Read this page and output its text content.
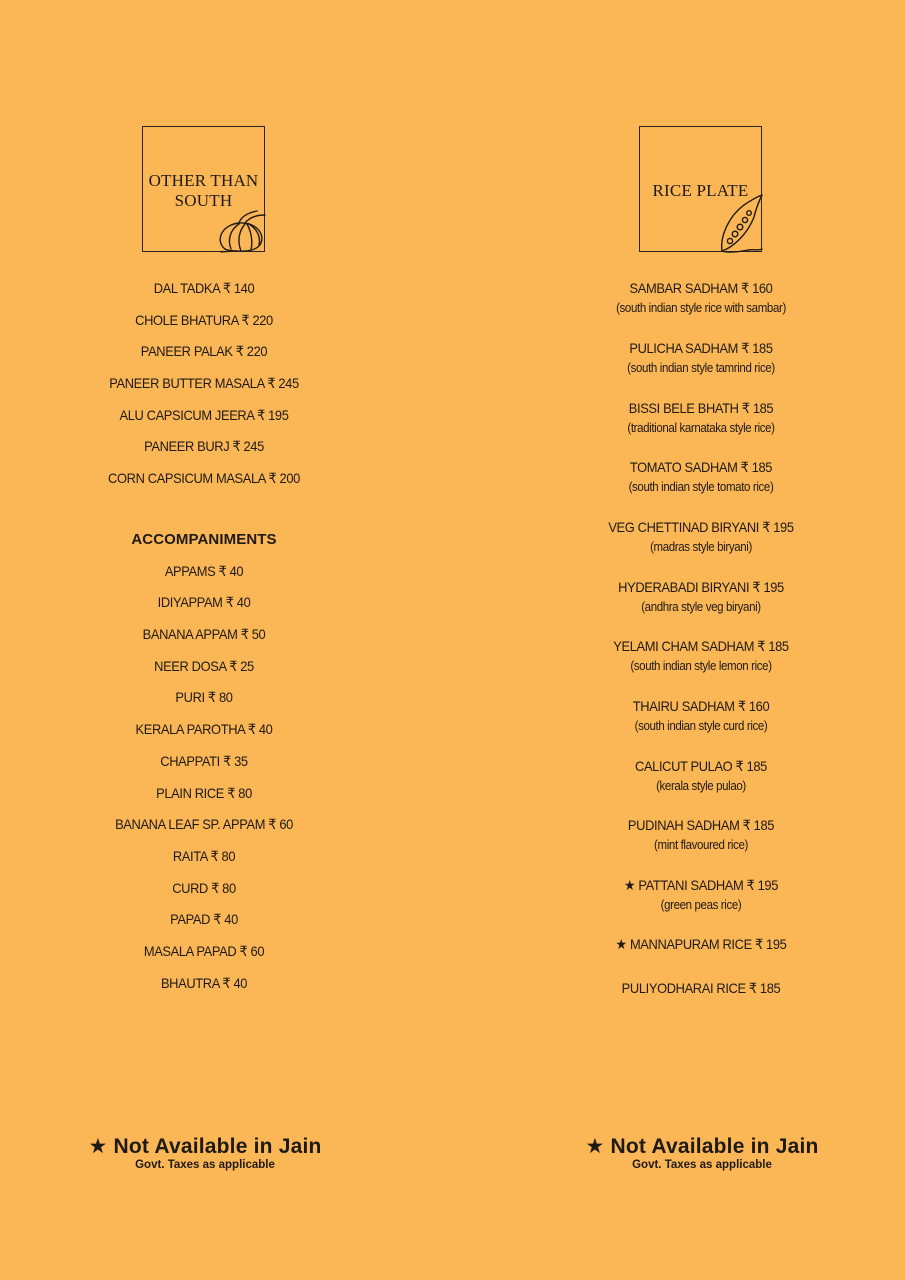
OTHER THAN
SOUTH
RICE PLATE
DAL TADKA ₹ 140
CHOLE BHATURA ₹ 220
PANEER PALAK ₹ 220
PANEER BUTTER MASALA ₹ 245
ALU CAPSICUM JEERA ₹ 195
PANEER BURJ ₹ 245
CORN CAPSICUM MASALA ₹ 200
ACCOMPANIMENTS
APPAMS ₹ 40
IDIYAPPAM ₹ 40
BANANA APPAM ₹ 50
NEER DOSA ₹ 25
PURI ₹ 80
KERALA PAROTHA ₹ 40
CHAPPATI ₹ 35
PLAIN RICE ₹ 80
BANANA LEAF SP. APPAM ₹ 60
RAITA ₹ 80
CURD ₹ 80
PAPAD ₹ 40
MASALA PAPAD ₹ 60
BHAUTRA ₹ 40
SAMBAR SADHAM ₹ 160
(south indian style rice with sambar)
PULICHA SADHAM ₹ 185
(south indian style tamrind rice)
BISSI BELE BHATH ₹ 185
(traditional karnataka style rice)
TOMATO SADHAM ₹ 185
(south indian style tomato rice)
VEG CHETTINAD BIRYANI ₹ 195
(madras style biryani)
HYDERABADI BIRYANI ₹ 195
(andhra style veg biryani)
YELAMI CHAM SADHAM ₹ 185
(south indian style lemon rice)
THAIRU SADHAM ₹ 160
(south indian style curd rice)
CALICUT PULAO ₹ 185
(kerala style pulao)
PUDINAH SADHAM ₹ 185
(mint flavoured rice)
★ PATTANI SADHAM ₹ 195
(green peas rice)
★ MANNAPURAM RICE ₹ 195
PULIYODHARAI RICE ₹ 185
★ Not Available in Jain
Govt. Taxes as applicable
★ Not Available in Jain
Govt. Taxes as applicable
